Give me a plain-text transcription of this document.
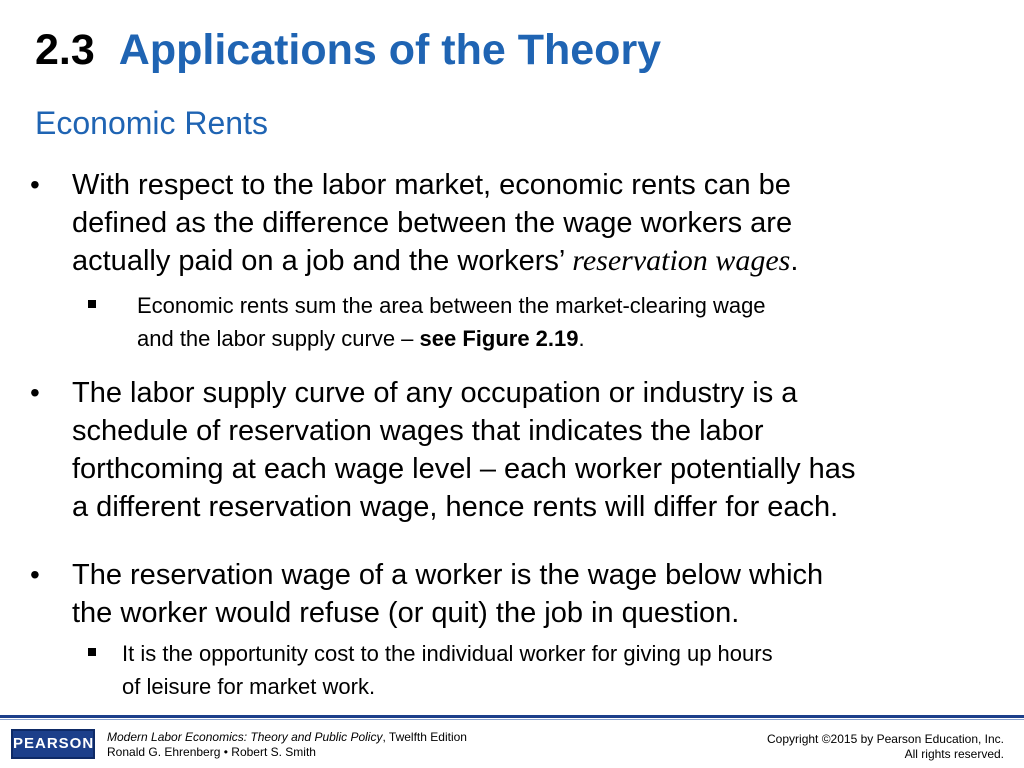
2.3 Applications of the Theory
Economic Rents
• With respect to the labor market, economic rents can be
defined as the difference between the wage workers are
actually paid on a job and the workers’ reservation wages.
Economic rents sum the area between the market-clearing wage
and the labor supply curve – see Figure 2.19.
• The labor supply curve of any occupation or industry is a
schedule of reservation wages that indicates the labor
forthcoming at each wage level – each worker potentially has
a different reservation wage, hence rents will differ for each.
• The reservation wage of a worker is the wage below which
the worker would refuse (or quit) the job in question.
It is the opportunity cost to the individual worker for giving up hours
of leisure for market work.
PEARSON Modern Labor Economics: Theory and Public Policy, Twelfth Edition
Ronald G. Ehrenberg • Robert S. Smith
Copyright ©2015 by Pearson Education, Inc.
All rights reserved.
